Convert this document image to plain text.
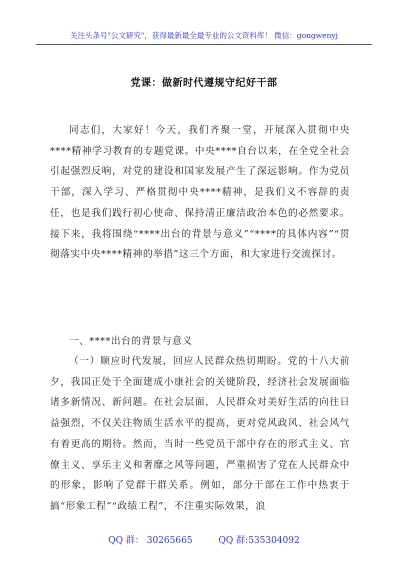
关注头条号"公文研究"，获得最新最全最专业的公文资料库！ 微信：gongwenyj
党课：做新时代遵规守纪好干部

同志们，大家好！今天，我们齐聚一堂，开展深入贯彻中央****精神学习教育的专题党课。中央****自台以来，在全党全社会引起强烈反响，对党的建设和国家发展产生了深远影响。作为党员干部，深入学习、严格贯彻中央****精神，是我们义不容辞的责任，也是我们践行初心使命、保持清正廉洁政治本色的必然要求。接下来，我将围绕“****出台的背景与意义”“****的具体内容”“贯彻落实中央****精神的举措”这三个方面，和大家进行交流探讨。

一、****出台的背景与意义

（一）顺应时代发展，回应人民群众热切期盼。党的十八大前夕，我国正处于全面建成小康社会的关键阶段，经济社会发展面临诸多新情况、新问题。在社会层面，人民群众对美好生活的向往日益强烈，不仅关注物质生活水平的提高，更对党风政风、社会风气有着更高的期待。然而，当时一些党员干部中存在的形式主义、官僚主义、享乐主义和奢靡之风等问题，严重损害了党在人民群众中的形象，影响了党群干群关系。例如，部分干部在工作中热衷于搞“形象工程”“政绩工程”，不注重实际效果，浪

QQ 群： 30265665	QQ 群:535304092
